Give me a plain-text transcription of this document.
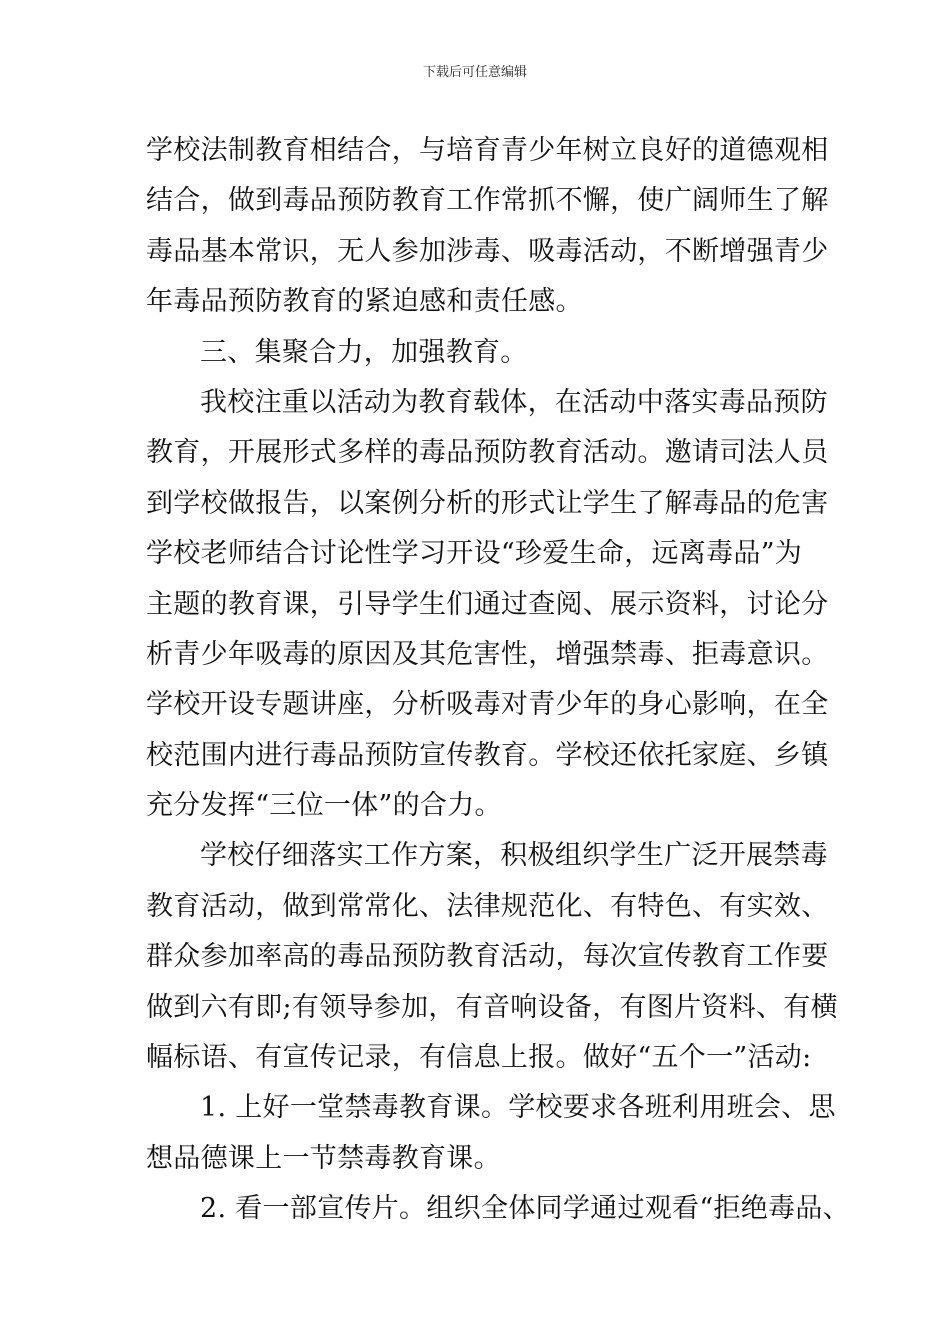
下载后可任意编辑
学校法制教育相结合，与培育青少年树立良好的道德观相
结合，做到毒品预防教育工作常抓不懈，使广阔师生了解
毒品基本常识，无人参加涉毒、吸毒活动，不断增强青少
年毒品预防教育的紧迫感和责任感。
三、集聚合力，加强教育。
我校注重以活动为教育载体，在活动中落实毒品预防
教育，开展形式多样的毒品预防教育活动。邀请司法人员
到学校做报告，以案例分析的形式让学生了解毒品的危害
学校老师结合讨论性学习开设“珍爱生命，远离毒品”为
主题的教育课，引导学生们通过查阅、展示资料，讨论分
析青少年吸毒的原因及其危害性，增强禁毒、拒毒意识。
学校开设专题讲座，分析吸毒对青少年的身心影响，在全
校范围内进行毒品预防宣传教育。学校还依托家庭、乡镇
充分发挥“三位一体”的合力。
学校仔细落实工作方案，积极组织学生广泛开展禁毒
教育活动，做到常常化、法律规范化、有特色、有实效、
群众参加率高的毒品预防教育活动，每次宣传教育工作要
做到六有即;有领导参加，有音响设备，有图片资料、有横
幅标语、有宣传记录，有信息上报。做好“五个一”活动:
1. 上好一堂禁毒教育课。学校要求各班利用班会、思
想品德课上一节禁毒教育课。
2. 看一部宣传片。组织全体同学通过观看“拒绝毒品、
